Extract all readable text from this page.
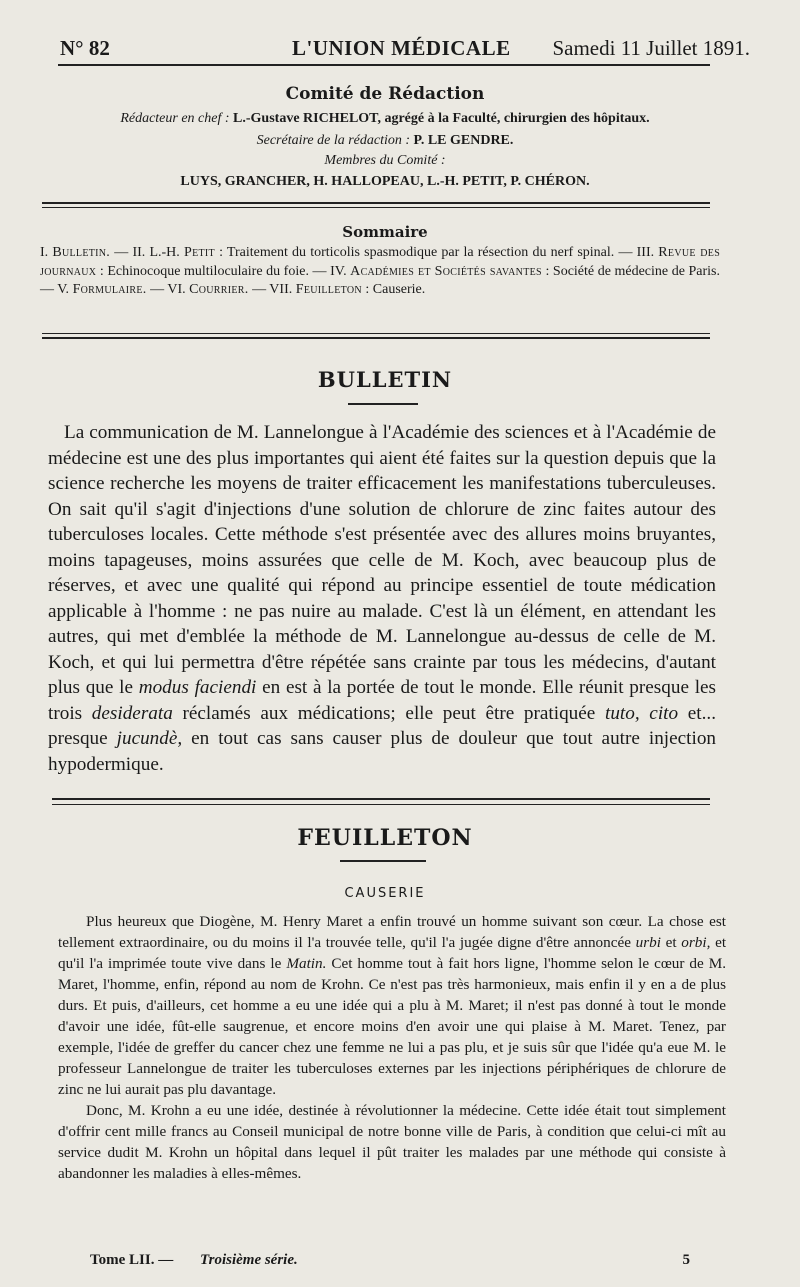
N° 82	L'UNION MÉDICALE Samedi 11 Juillet 1891.
Comité de Rédaction
Rédacteur en chef : L.-Gustave RICHELOT, agrégé à la Faculté, chirurgien des hôpitaux.
Secrétaire de la rédaction : P. LE GENDRE.
Membres du Comité :
LUYS, GRANCHER, H. HALLOPEAU, L.-H. PETIT, P. CHÉRON.
Sommaire
I. Bulletin. — II. L.-H. Petit : Traitement du torticolis spasmodique par la résection du nerf spinal. — III. Revue des journaux : Echinocoque multiloculaire du foie. — IV. Académies et Sociétés savantes : Société de médecine de Paris. — V. Formulaire. — VI. Courrier. — VII. Feuilleton : Causerie.
BULLETIN

La communication de M. Lannelongue à l'Académie des sciences et à l'Académie de médecine est une des plus importantes qui aient été faites sur la question depuis que la science recherche les moyens de traiter efficacement les manifestations tuberculeuses. On sait qu'il s'agit d'injections d'une solution de chlorure de zinc faites autour des tuberculoses locales. Cette méthode s'est présentée avec des allures moins bruyantes, moins tapageuses, moins assurées que celle de M. Koch, avec beaucoup plus de réserves, et avec une qualité qui répond au principe essentiel de toute médication applicable à l'homme : ne pas nuire au malade. C'est là un élément, en attendant les autres, qui met d'emblée la méthode de M. Lannelongue au-dessus de celle de M. Koch, et qui lui permettra d'être répétée sans crainte par tous les médecins, d'autant plus que le modus faciendi en est à la portée de tout le monde. Elle réunit presque les trois desiderata réclamés aux médications; elle peut être pratiquée tuto, cito et... presque jucundè, en tout cas sans causer plus de douleur que tout autre injection hypodermique.

FEUILLETON
CAUSERIE

Plus heureux que Diogène, M. Henry Maret a enfin trouvé un homme suivant son cœur. La chose est tellement extraordinaire, ou du moins il l'a trouvée telle, qu'il l'a jugée digne d'être annoncée urbi et orbi, et qu'il l'a imprimée toute vive dans le Matin. Cet homme tout à fait hors ligne, l'homme selon le cœur de M. Maret, l'homme, enfin, répond au nom de Krohn. Ce n'est pas très harmonieux, mais enfin il y en a de plus durs. Et puis, d'ailleurs, cet homme a eu une idée qui a plu à M. Maret; il n'est pas donné à tout le monde d'avoir une idée, fût-elle saugrenue, et encore moins d'en avoir une qui plaise à M. Maret. Tenez, par exemple, l'idée de greffer du cancer chez une femme ne lui a pas plu, et je suis sûr que l'idée qu'a eue M. le professeur Lannelongue de traiter les tuberculoses externes par les injections périphériques de chlorure de zinc ne lui aurait pas plu davantage.

Donc, M. Krohn a eu une idée, destinée à révolutionner la médecine. Cette idée était tout simplement d'offrir cent mille francs au Conseil municipal de notre bonne ville de Paris, à condition que celui-ci mît au service dudit M. Krohn un hôpital dans lequel il pût traiter les malades par une méthode qui consiste à abandonner les maladies à elles-mêmes.

Tome LII. — Troisième série.	5
